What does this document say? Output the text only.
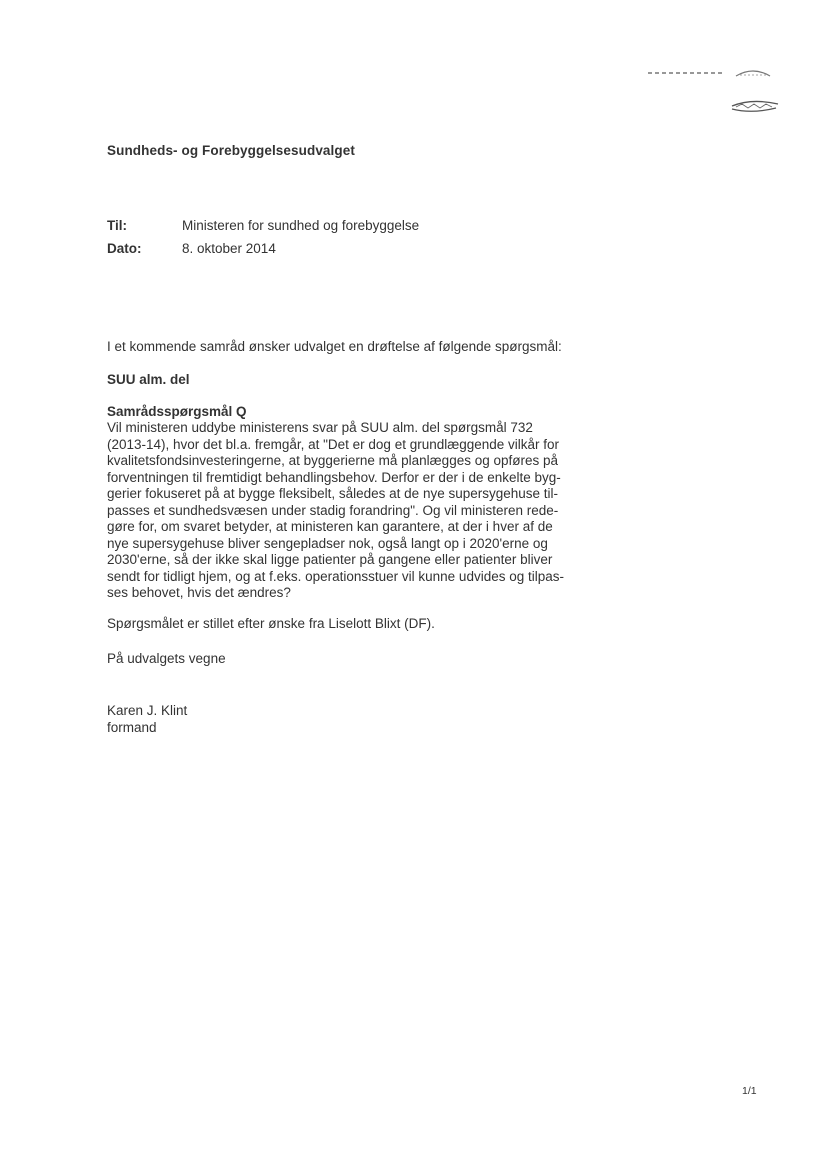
Sundheds- og Forebyggelsesudvalget
Til:	Ministeren for sundhed og forebyggelse
Dato:	8. oktober 2014
I et kommende samråd ønsker udvalget en drøftelse af følgende spørgsmål:
SUU alm. del
Samrådsspørgsmål Q
Vil ministeren uddybe ministerens svar på SUU alm. del spørgsmål 732
(2013-14), hvor det bl.a. fremgår, at "Det er dog et grundlæggende vilkår for
kvalitetsfondsinvesteringerne, at byggerierne må planlægges og opføres på
forventningen til fremtidigt behandlingsbehov. Derfor er der i de enkelte byg-
gerier fokuseret på at bygge fleksibelt, således at de nye supersygehuse til-
passes et sundhedsvæsen under stadig forandring". Og vil ministeren rede-
gøre for, om svaret betyder, at ministeren kan garantere, at der i hver af de
nye supersygehuse bliver sengepladser nok, også langt op i 2020'erne og
2030'erne, så der ikke skal ligge patienter på gangene eller patienter bliver
sendt for tidligt hjem, og at f.eks. operationsstuer vil kunne udvides og tilpas-
ses behovet, hvis det ændres?
Spørgsmålet er stillet efter ønske fra Liselott Blixt (DF).
På udvalgets vegne
Karen J. Klint
formand
1/1
